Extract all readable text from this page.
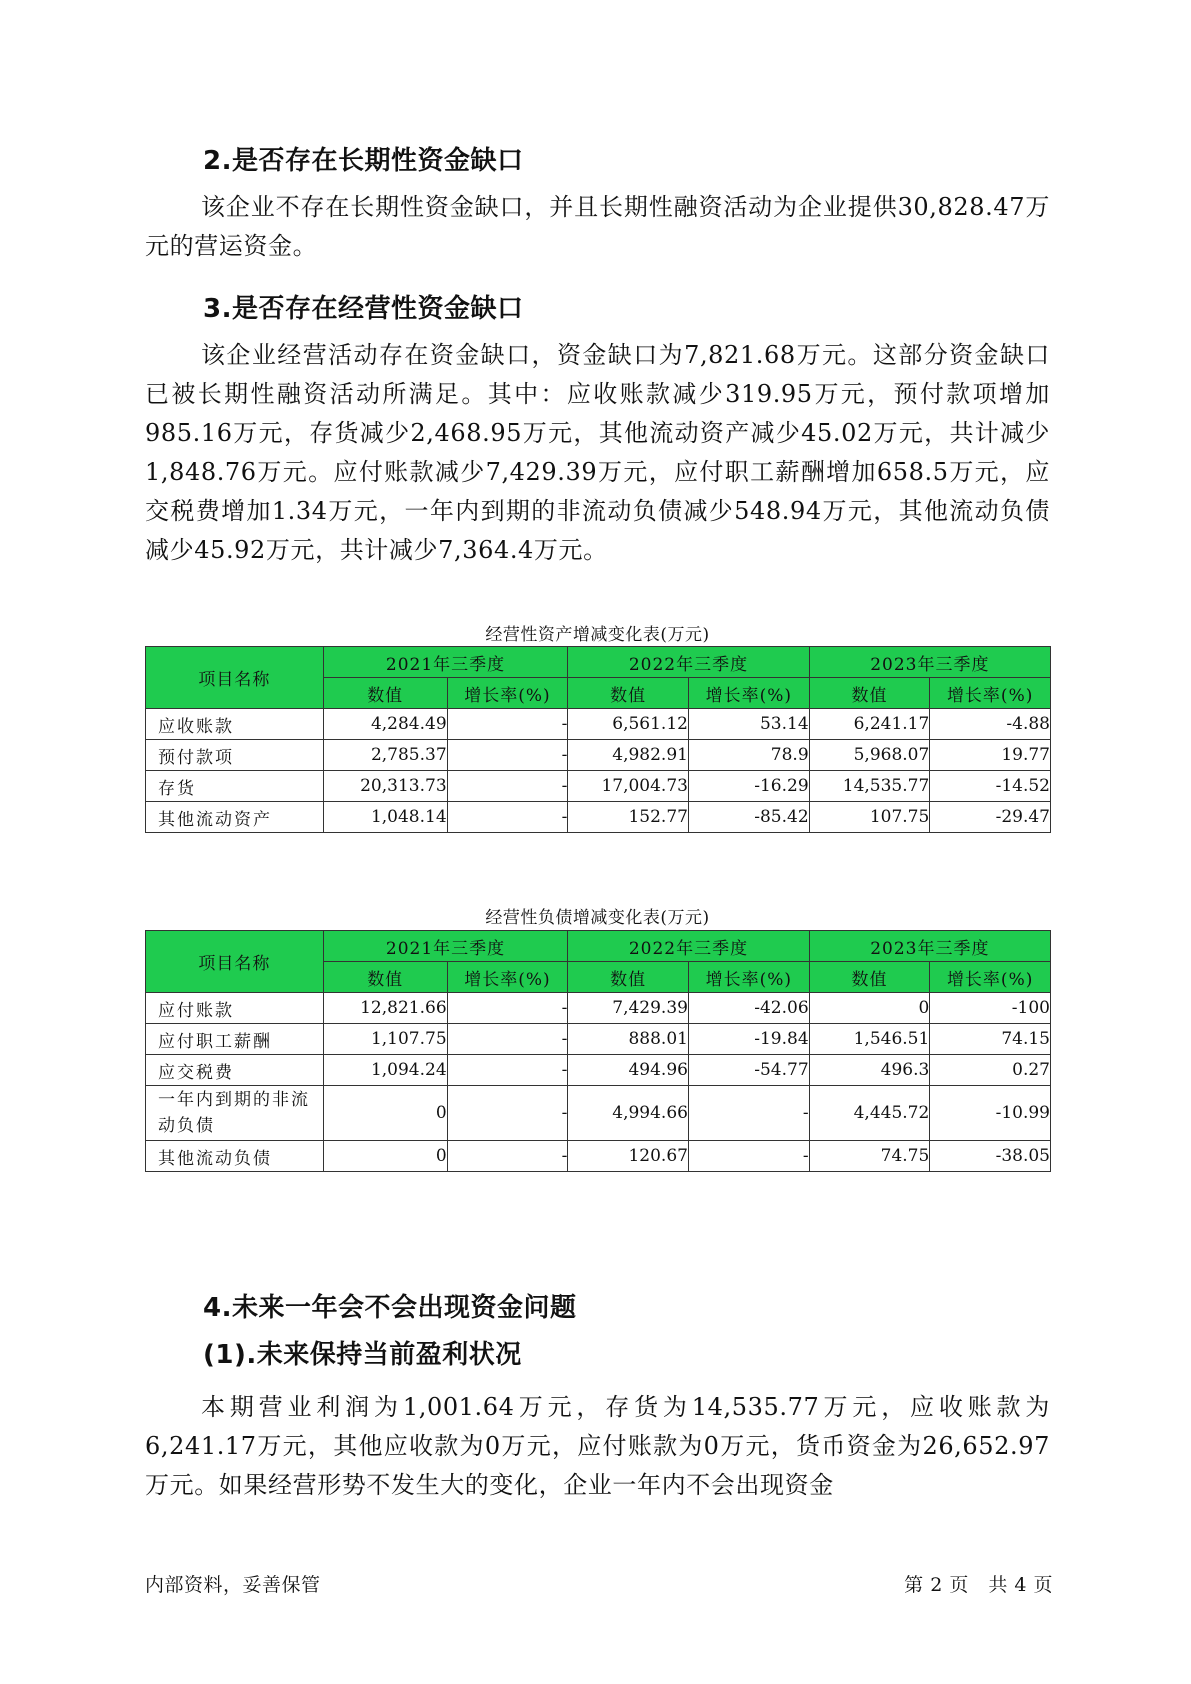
2.是否存在长期性资金缺口
该企业不存在长期性资金缺口，并且长期性融资活动为企业提供30,828.47万元的营运资金。
3.是否存在经营性资金缺口
该企业经营活动存在资金缺口，资金缺口为7,821.68万元。这部分资金缺口已被长期性融资活动所满足。其中：应收账款减少319.95万元，预付款项增加985.16万元，存货减少2,468.95万元，其他流动资产减少45.02万元，共计减少1,848.76万元。应付账款减少7,429.39万元，应付职工薪酬增加658.5万元，应交税费增加1.34万元，一年内到期的非流动负债减少548.94万元，其他流动负债减少45.92万元，共计减少7,364.4万元。
经营性资产增减变化表(万元)
项目名称	2021年三季度		2022年三季度		2023年三季度	
	数值	增长率(%)	数值	增长率(%)	数值	增长率(%)
应收账款	4,284.49	-	6,561.12	53.14	6,241.17	-4.88
预付款项	2,785.37	-	4,982.91	78.9	5,968.07	19.77
存货	20,313.73	-	17,004.73	-16.29	14,535.77	-14.52
其他流动资产	1,048.14	-	152.77	-85.42	107.75	-29.47
经营性负债增减变化表(万元)
项目名称	2021年三季度		2022年三季度		2023年三季度	
	数值	增长率(%)	数值	增长率(%)	数值	增长率(%)
应付账款	12,821.66	-	7,429.39	-42.06	0	-100
应付职工薪酬	1,107.75	-	888.01	-19.84	1,546.51	74.15
应交税费	1,094.24	-	494.96	-54.77	496.3	0.27
一年内到期的非流动负债	0	-	4,994.66	-	4,445.72	-10.99
其他流动负债	0	-	120.67	-	74.75	-38.05
4.未来一年会不会出现资金问题
(1).未来保持当前盈利状况
本期营业利润为1,001.64万元，存货为14,535.77万元，应收账款为6,241.17万元，其他应收款为0万元，应付账款为0万元，货币资金为26,652.97万元。如果经营形势不发生大的变化，企业一年内不会出现资金
内部资料，妥善保管	第 2 页　共 4 页
